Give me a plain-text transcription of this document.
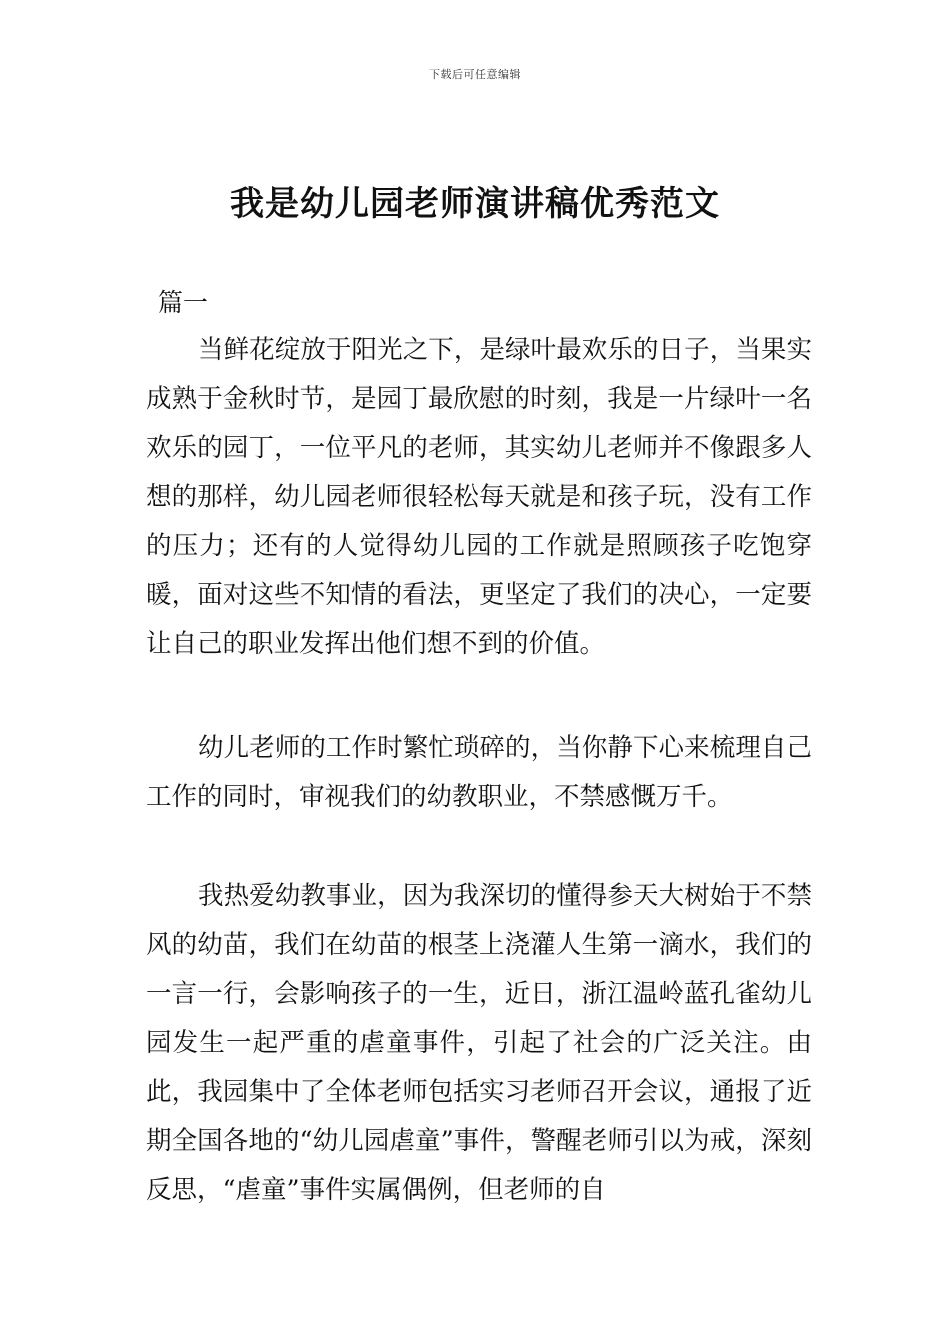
下载后可任意编辑
我是幼儿园老师演讲稿优秀范文
篇一

当鲜花绽放于阳光之下，是绿叶最欢乐的日子，当果实成熟于金秋时节，是园丁最欣慰的时刻，我是一片绿叶一名欢乐的园丁，一位平凡的老师，其实幼儿老师并不像跟多人想的那样，幼儿园老师很轻松每天就是和孩子玩，没有工作的压力；还有的人觉得幼儿园的工作就是照顾孩子吃饱穿暖，面对这些不知情的看法，更坚定了我们的决心，一定要让自己的职业发挥出他们想不到的价值。

幼儿老师的工作时繁忙琐碎的，当你静下心来梳理自己工作的同时，审视我们的幼教职业，不禁感慨万千。

我热爱幼教事业，因为我深切的懂得参天大树始于不禁风的幼苗，我们在幼苗的根茎上浇灌人生第一滴水，我们的一言一行，会影响孩子的一生，近日，浙江温岭蓝孔雀幼儿园发生一起严重的虐童事件，引起了社会的广泛关注。由此，我园集中了全体老师包括实习老师召开会议，通报了近期全国各地的“幼儿园虐童”事件，警醒老师引以为戒，深刻反思，“虐童”事件实属偶例，但老师的自
